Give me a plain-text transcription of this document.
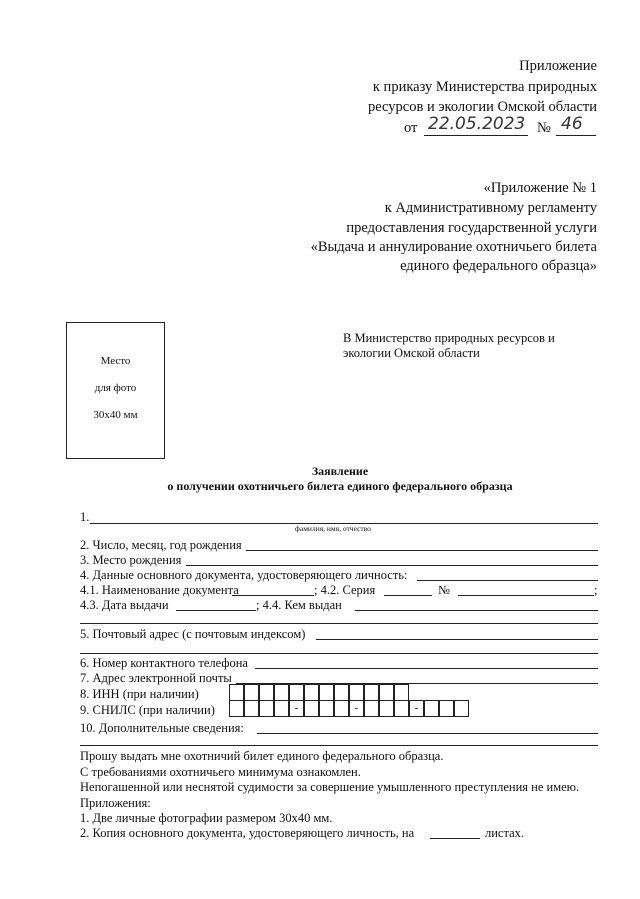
Приложение
к приказу Министерства природных
ресурсов и экологии Омской области
от 22.05.2023 № 46
«Приложение № 1
к Административному регламенту
предоставления государственной услуги
«Выдача и аннулирование охотничьего билета
единого федерального образца»
Место
для фото
30x40 мм
В Министерство природных ресурсов и
экологии Омской области
Заявление
о получении охотничьего билета единого федерального образца
1.
фамилия, имя, отчество
2. Число, месяц, год рождения
3. Место рождения
4. Данные основного документа, удостоверяющего личность:
4.1. Наименование документа	; 4.2. Серия	№	;
4.3. Дата выдачи	; 4.4. Кем выдан
5. Почтовый адрес (с почтовым индексом)
6. Номер контактного телефона
7. Адрес электронной почты
8. ИНН (при наличии)
9. СНИЛС (при наличии)	-	-	-
10. Дополнительные сведения:
Прошу выдать мне охотничий билет единого федерального образца.
С требованиями охотничьего минимума ознакомлен.
Непогашенной или неснятой судимости за совершение умышленного преступления не имею.
Приложения:
1. Две личные фотографии размером 30x40 мм.
2. Копия основного документа, удостоверяющего личность, на	листах.
